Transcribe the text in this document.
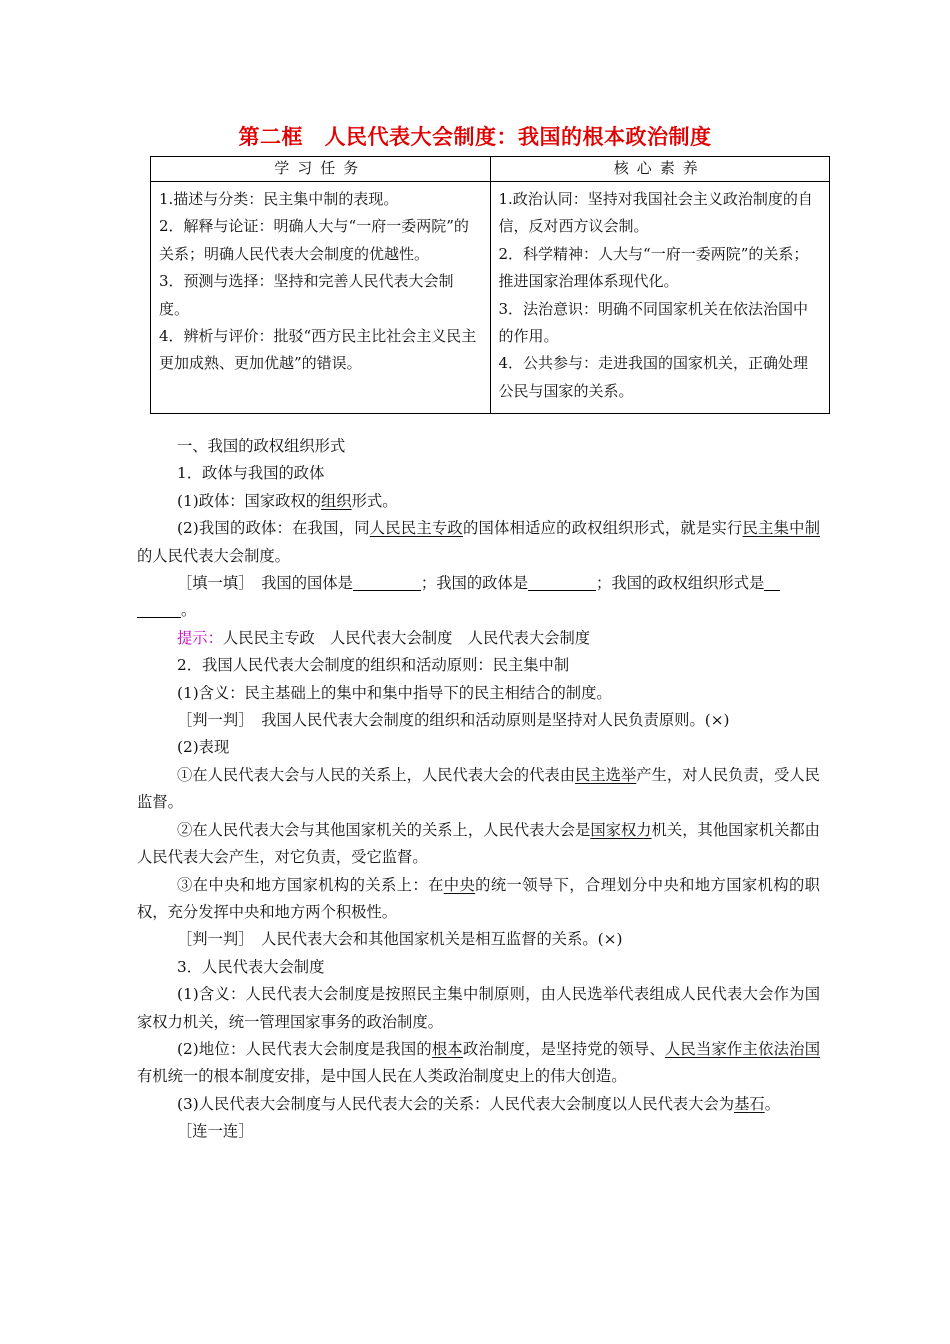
第二框　人民代表大会制度：我国的根本政治制度
学习任务	核心素养

1.描述与分类：民主集中制的表现。
2．解释与论证：明确人大与“一府一委两院”的关系；明确人民代表大会制度的优越性。
3．预测与选择：坚持和完善人民代表大会制度。
4．辨析与评价：批驳“西方民主比社会主义民主更加成熟、更加优越”的错误。	1.政治认同：坚持对我国社会主义政治制度的自信，反对西方议会制。
2．科学精神：人大与“一府一委两院”的关系；推进国家治理体系现代化。
3．法治意识：明确不同国家机关在依法治国中的作用。
4．公共参与：走进我国的国家机关，正确处理公民与国家的关系。

一、我国的政权组织形式

1．政体与我国的政体

(1)政体：国家政权的组织形式。

(2)我国的政体：在我国，同人民民主专政的国体相适应的政权组织形式，就是实行民主集中制的人民代表大会制度。

［填一填］　我国的国体是	；我国的政体是	；我国的政权组织形式是
。

提示：人民民主专政　人民代表大会制度　人民代表大会制度

2．我国人民代表大会制度的组织和活动原则：民主集中制

(1)含义：民主基础上的集中和集中指导下的民主相结合的制度。

［判一判］　我国人民代表大会制度的组织和活动原则是坚持对人民负责原则。(×)

(2)表现

①在人民代表大会与人民的关系上，人民代表大会的代表由民主选举产生，对人民负责，受人民监督。

②在人民代表大会与其他国家机关的关系上，人民代表大会是国家权力机关，其他国家机关都由人民代表大会产生，对它负责，受它监督。

③在中央和地方国家机构的关系上：在中央的统一领导下，合理划分中央和地方国家机构的职权，充分发挥中央和地方两个积极性。

［判一判］　人民代表大会和其他国家机关是相互监督的关系。(×)

3．人民代表大会制度

(1)含义：人民代表大会制度是按照民主集中制原则，由人民选举代表组成人民代表大会作为国家权力机关，统一管理国家事务的政治制度。

(2)地位：人民代表大会制度是我国的根本政治制度，是坚持党的领导、人民当家作主依法治国有机统一的根本制度安排，是中国人民在人类政治制度史上的伟大创造。

(3)人民代表大会制度与人民代表大会的关系：人民代表大会制度以人民代表大会为基石。

［连一连］
